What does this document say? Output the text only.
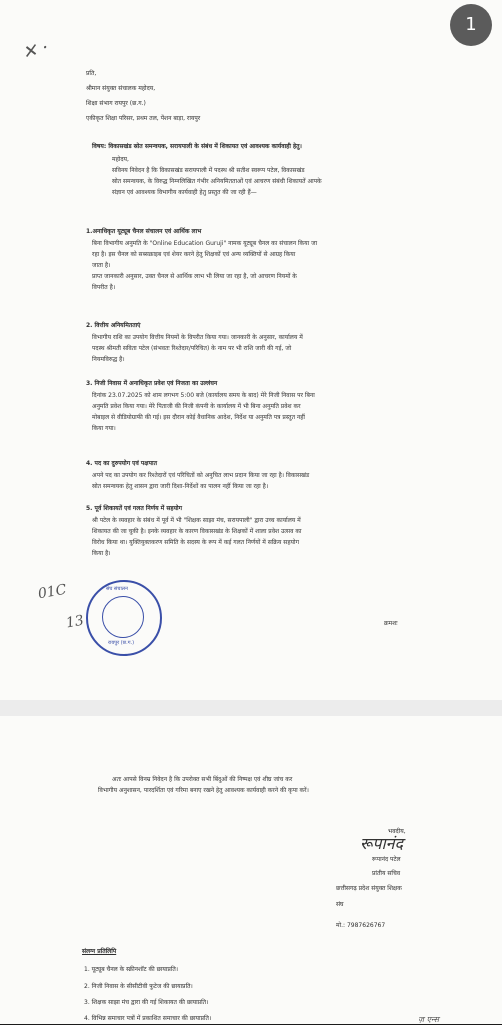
✕ ·
प्रति,
श्रीमान संयुक्त संचालक महोदय,
शिक्षा संभाग रायपुर (छ.ग.)
एकीकृत शिक्षा परिसर, प्रथम तल, पेंशन बाड़ा, रायपुर
विषय: विकासखंड स्रोत समन्वयक, सरायपाली के संबंध में शिकायत एवं आवश्यक कार्यवाही हेतु।
महोदय,

सविनय निवेदन है कि विकासखंड सरायपाली में पदस्थ श्री सतीश स्वरूप पटेल, विकासखंड

स्रोत समन्वयक, के विरुद्ध निम्नलिखित गंभीर अनियमितताओं एवं आचरण संबंधी शिकायतें आपके

संज्ञान एवं आवश्यक विभागीय कार्यवाही हेतु प्रस्तुत की जा रही हैं—

1.अनाधिकृत यूट्यूब चैनल संचालन एवं आर्थिक लाभ

बिना विभागीय अनुमति के "Online Education Guruji" नामक यूट्यूब चैनल का संचालन किया जा

रहा है। इस चैनल को सब्सक्राइब एवं शेयर करने हेतु शिक्षकों एवं अन्य व्यक्तियों से आग्रह किया

जाता है।

प्राप्त जानकारी अनुसार, उक्त चैनल से आर्थिक लाभ भी लिया जा रहा है, जो आचरण नियमों के

विपरीत है।

2. वित्तीय अनियमितताएं

विभागीय राशि का उपयोग वित्तीय नियमों के विपरीत किया गया। जानकारी के अनुसार, कार्यालय में

पदस्थ श्रीमती सविता पटेल (संभवतः रिश्तेदार/परिचित) के नाम पर भी राशि जारी की गई, जो

नियमविरुद्ध है।

3. निजी निवास में अनाधिकृत प्रवेश एवं निजता का उल्लंघन

दिनांक 23.07.2025 को शाम लगभग 5:00 बजे (कार्यालय समय के बाद) मेरे निजी निवास पर बिना

अनुमति प्रवेश किया गया। मेरे पिताजी की निजी कंपनी के कार्यालय में भी बिना अनुमति प्रवेश कर

मोबाइल से वीडियोग्राफी की गई। इस दौरान कोई वैधानिक आदेश, निर्देश या अनुमति पत्र प्रस्तुत नहीं

किया गया।

4. पद का दुरुपयोग एवं पक्षपात

अपने पद का उपयोग कर रिश्तेदारों एवं परिचितों को अनुचित लाभ प्रदान किया जा रहा है। विकासखंड

स्रोत समन्वयक हेतु शासन द्वारा जारी दिशा-निर्देशों का पालन नहीं किया जा रहा है।

5. पूर्व शिकायतें एवं गलत निर्णय में सहयोग

श्री पटेल के व्यवहार के संबंध में पूर्व में भी "शिक्षक साझा मंच, सरायपाली" द्वारा उच्च कार्यालय में

शिकायत की जा चुकी है। इनके व्यवहार के कारण विकासखंड के शिक्षकों में शाला प्रवेश उत्सव का

विरोध किया था। युक्तियुक्तकरण समिति के सदस्य के रूप में कई गलत निर्णयों में सक्रिय सहयोग

किया है।

संघ संचालन
रायपुर (छ.ग.)
01C
13	क्रमशः
1

अतः आपसे विनम्र निवेदन है कि उपरोक्त सभी बिंदुओं की निष्पक्ष एवं शीघ्र जांच कर

विभागीय अनुशासन, पारदर्शिता एवं गरिमा बनाए रखने हेतु आवश्यक कार्यवाही करने की कृपा करें।

भवदीय,
रूपानंद
रूपानंद पटेल
प्रांतीय सचिव
छत्तीसगढ़ प्रदेश संयुक्त शिक्षक
संघ
मो.: 7987626767
संलग्न प्रतिलिपि
1. यूट्यूब चैनल के स्क्रीनशॉट की छायाप्रति।
2. निजी निवास के सीसीटीवी फुटेज की छायाप्रति।
3. शिक्षक साझा मंच द्वारा की गई शिकायत की छायाप्रति।
4. विभिन्न समाचार पत्रों में प्रकाशित समाचार की छायाप्रति।	ज़ एन्स
